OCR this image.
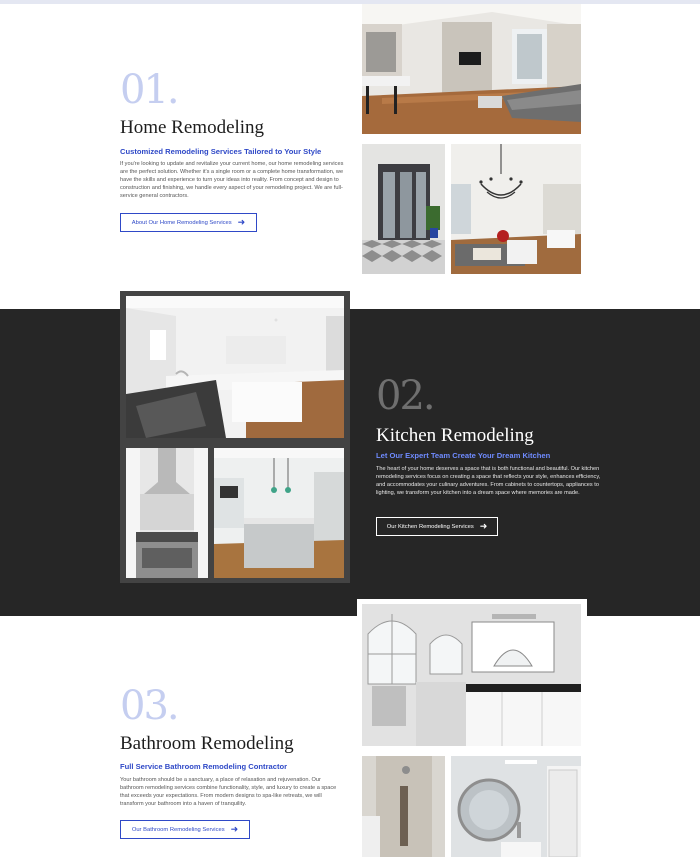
01.
Home Remodeling
Customized Remodeling Services Tailored to Your Style
If you're looking to update and revitalize your current home, our home remodeling services are the perfect solution. Whether it's a single room or a complete home transformation, we have the skills and experience to turn your ideas into reality. From concept and design to construction and finishing, we handle every aspect of your remodeling project. We are full-service general contractors.
About Our Home Remodeling Services ➜
02.
Kitchen Remodeling
Let Our Expert Team Create Your Dream Kitchen
The heart of your home deserves a space that is both functional and beautiful. Our kitchen remodeling services focus on creating a space that reflects your style, enhances efficiency, and accommodates your culinary adventures. From cabinets to countertops, appliances to lighting, we transform your kitchen into a dream space where memories are made.
Our Kitchen Remodeling Services ➜
03.
Bathroom Remodeling
Full Service Bathroom Remodeling Contractor
Your bathroom should be a sanctuary, a place of relaxation and rejuvenation. Our bathroom remodeling services combine functionality, style, and luxury to create a space that exceeds your expectations. From modern designs to spa-like retreats, we will transform your bathroom into a haven of tranquility.
Our Bathroom Remodeling Services ➜
